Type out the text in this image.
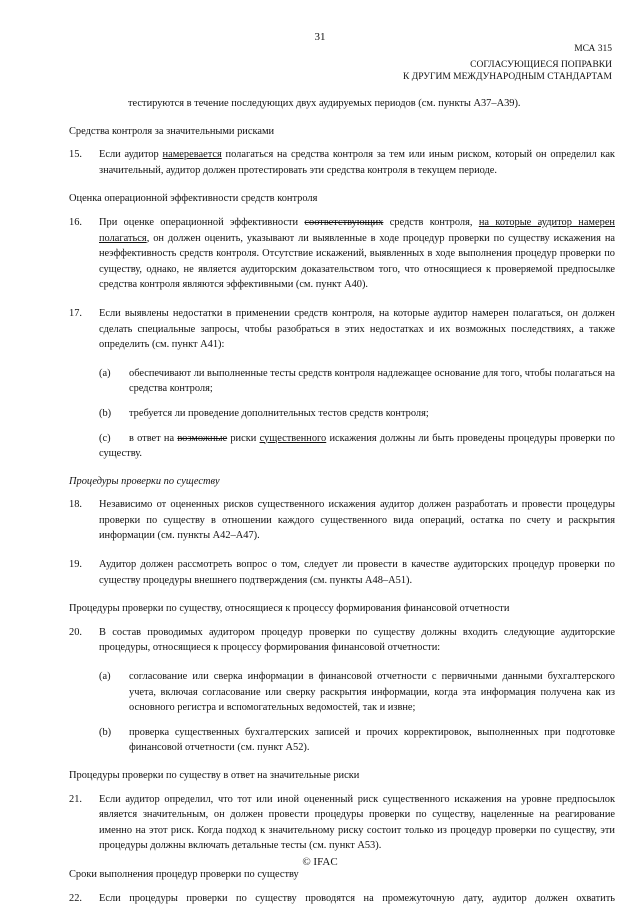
31
МСА 315
СОГЛАСУЮЩИЕСЯ ПОПРАВКИ
К ДРУГИМ МЕЖДУНАРОДНЫМ СТАНДАРТАМ

тестируются в течение последующих двух аудируемых периодов (см. пункты А37–А39).

Средства контроля за значительными рисками

15.	Если аудитор намеревается полагаться на средства контроля за тем или иным риском, который он определил как значительный, аудитор должен протестировать эти средства контроля в текущем периоде.

Оценка операционной эффективности средств контроля

16.	При оценке операционной эффективности соответствующих средств контроля, на которые аудитор намерен полагаться, он должен оценить, указывают ли выявленные в ходе процедур проверки по существу искажения на неэффективность средств контроля. Отсутствие искажений, выявленных в ходе выполнения процедур проверки по существу, однако, не является аудиторским доказательством того, что относящиеся к проверяемой предпосылке средства контроля являются эффективными (см. пункт А40).
17.	Если выявлены недостатки в применении средств контроля, на которые аудитор намерен полагаться, он должен сделать специальные запросы, чтобы разобраться в этих недостатках и их возможных последствиях, а также определить (см. пункт А41):
(a)	обеспечивают ли выполненные тесты средств контроля надлежащее основание для того, чтобы полагаться на средства контроля;
(b)	требуется ли проведение дополнительных тестов средств контроля;

(c) в ответ на возможные риски существенного искажения должны ли быть проведены процедуры проверки по существу.

Процедуры проверки по существу

18.	Независимо от оцененных рисков существенного искажения аудитор должен разработать и провести процедуры проверки по существу в отношении каждого существенного вида операций, остатка по счету и раскрытия информации (см. пункты А42–А47).
19.	Аудитор должен рассмотреть вопрос о том, следует ли провести в качестве аудиторских процедур проверки по существу процедуры внешнего подтверждения (см. пункты А48–А51).

Процедуры проверки по существу, относящиеся к процессу формирования финансовой отчетности

20.	В состав проводимых аудитором процедур проверки по существу должны входить следующие аудиторские процедуры, относящиеся к процессу формирования финансовой отчетности:
(a)	согласование или сверка информации в финансовой отчетности с первичными данными бухгалтерского учета, включая согласование или сверку раскрытия информации, когда эта информация получена как из основного регистра и вспомогательных ведомостей, так и извне;
(b)	проверка существенных бухгалтерских записей и прочих корректировок, выполненных при подготовке финансовой отчетности (см. пункт А52).

Процедуры проверки по существу в ответ на значительные риски

21.	Если аудитор определил, что тот или иной оцененный риск существенного искажения на уровне предпосылок является значительным, он должен провести процедуры проверки по существу, нацеленные на реагирование именно на этот риск. Когда подход к значительному риску состоит только из процедур проверки по существу, эти процедуры должны включать детальные тесты (см. пункт А53).

Сроки выполнения процедур проверки по существу

22.	Если процедуры проверки по существу проводятся на промежуточную дату, аудитор должен охватить
© IFAC
